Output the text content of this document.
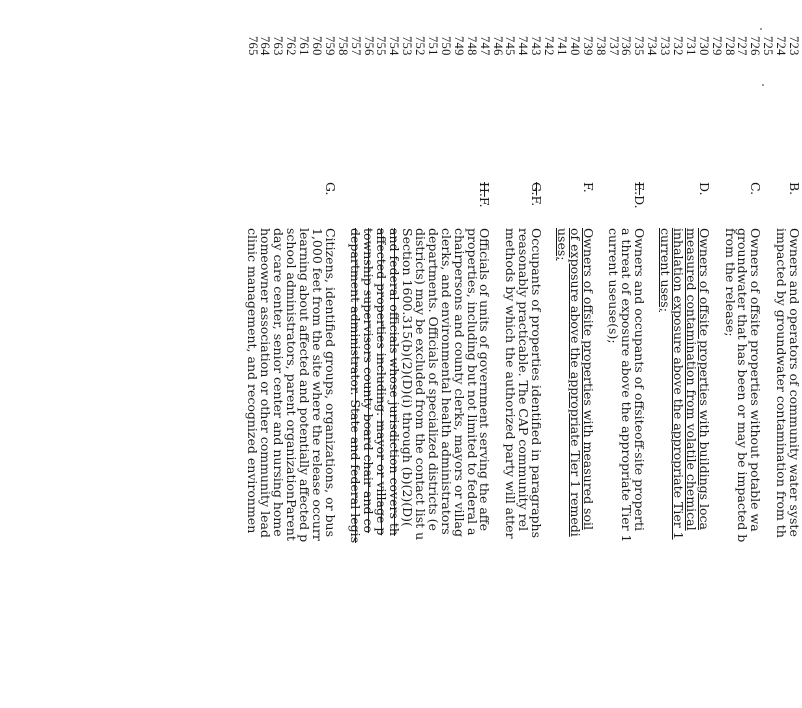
723
724
725
726
727
728
729
730
731
732
733
734
735
736
737
738
739
740
741
742
743
744
745
746
747
748
749
750
751
752
753
754
755
756
757
758
759
760
761
762
763
764
765
B.
Owners and operators of community water syste
impacted by groundwater contamination from th
C.
Owners of offsite properties without potable wa
groundwater that has been or may be impacted b
from the release;
D.
Owners of offsite properties with buildings loca
measured contamination from volatile chemical
inhalation exposure above the appropriate Tier 1
current uses;
E.D.
Owners and occupants of offsiteoff-site properti
a threat of exposure above the appropriate Tier 1
current useuse(s);
F.
Owners of offsite properties with measured soil
of exposure above the appropriate Tier 1 remedi
uses;
G.F.
Occupants of properties identified in paragraphs
reasonably practicable. The CAP community rel
methods by which the authorized party will atter
H.F.
Officials of units of government serving the affe
properties, including but not limited to federal a
chairpersons and county clerks, mayors or villag
clerks, and environmental health administrators
departments. Officials of specialized districts (e
districts) may be excluded from the contact list u
Section 1600.315(b)(2)(D)(i) through (b)(2)(D)(
and federal officials whose jurisdiction covers th
affected properties including: mayor or village p
township supervisors county board chair and co
department administrator. State and federal legis
G.
Citizens, identified groups, organizations, or bus
1,000 feet from the site where the release occurr
learning about affected and potentially affected p
school administrators, parent organizationParent
day care center, senior center and nursing home
homeowner association or other community lead
clinic management, and recognized environmen
